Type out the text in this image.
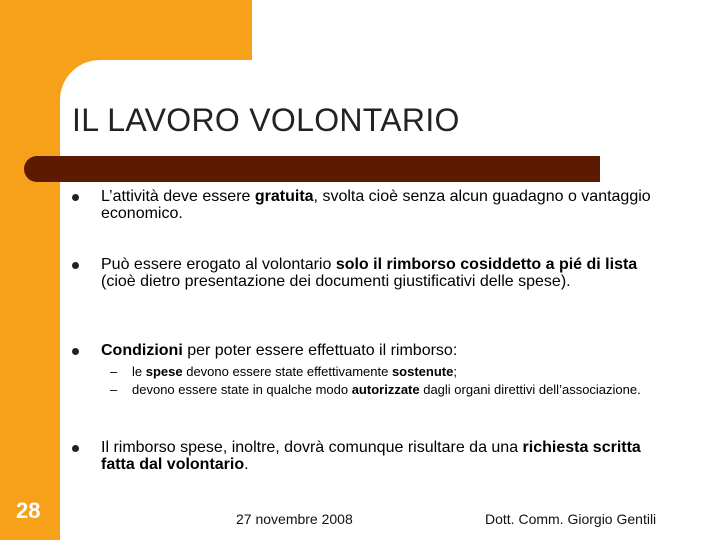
IL LAVORO VOLONTARIO
L’attività deve essere gratuita, svolta cioè senza alcun guadagno o vantaggio economico.
Può essere erogato al volontario solo il rimborso cosiddetto a pié di lista (cioè dietro presentazione dei documenti giustificativi delle spese).
Condizioni per poter essere effettuato il rimborso:
– le spese devono essere state effettivamente sostenute;
– devono essere state in qualche modo autorizzate dagli organi direttivi dell’associazione.
Il rimborso spese, inoltre, dovrà comunque risultare da una richiesta scritta fatta dal volontario.
28	27 novembre 2008	Dott. Comm. Giorgio Gentili
